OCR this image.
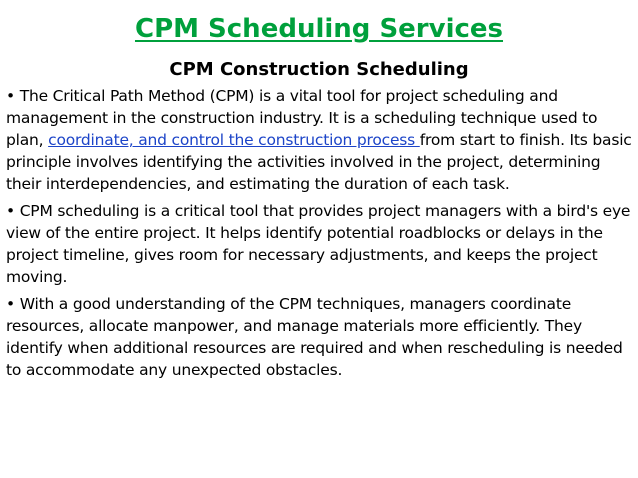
CPM Scheduling Services
CPM Construction Scheduling

• The Critical Path Method (CPM) is a vital tool for project scheduling and management in the construction industry. It is a scheduling technique used to plan, coordinate, and control the construction process from start to finish. Its basic principle involves identifying the activities involved in the project, determining their interdependencies, and estimating the duration of each task.

• CPM scheduling is a critical tool that provides project managers with a bird's eye view of the entire project. It helps identify potential roadblocks or delays in the project timeline, gives room for necessary adjustments, and keeps the project moving.

• With a good understanding of the CPM techniques, managers coordinate resources, allocate manpower, and manage materials more efficiently. They identify when additional resources are required and when rescheduling is needed to accommodate any unexpected obstacles.
